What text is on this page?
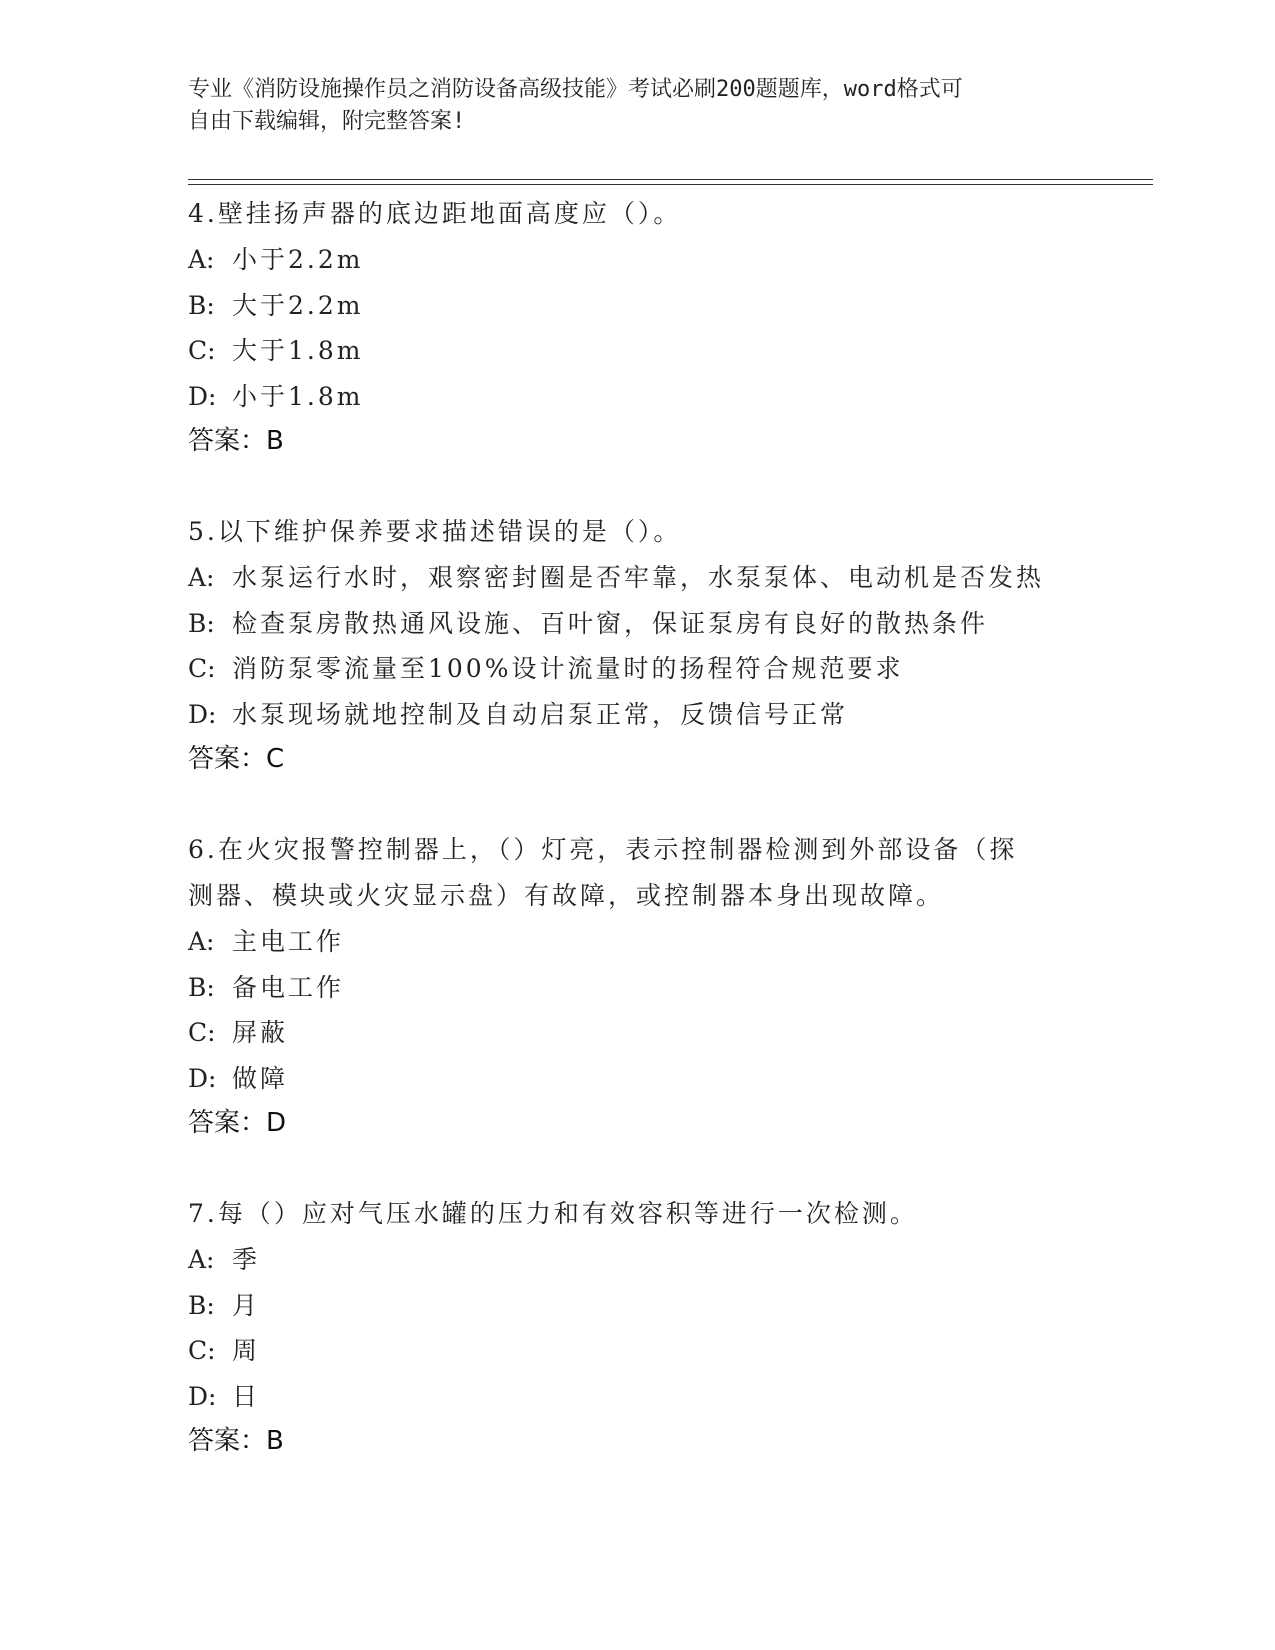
专业《消防设施操作员之消防设备高级技能》考试必刷200题题库，word格式可
自由下载编辑，附完整答案!
4.壁挂扬声器的底边距地面高度应（）。
A: 小于2.2m
B: 大于2.2m
C: 大于1.8m
D: 小于1.8m
答案：B
5.以下维护保养要求描述错误的是（）。
A: 水泵运行水时，艰察密封圈是否牢靠，水泵泵体、电动机是否发热
B: 检查泵房散热通风设施、百叶窗，保证泵房有良好的散热条件
C: 消防泵零流量至100%设计流量时的扬程符合规范要求
D: 水泵现场就地控制及自动启泵正常，反馈信号正常
答案：C
6.在火灾报警控制器上，（）灯亮，表示控制器检测到外部设备（探
测器、模块或火灾显示盘）有故障，或控制器本身出现故障。
A: 主电工作
B: 备电工作
C: 屏蔽
D: 做障
答案：D
7.每（）应对气压水罐的压力和有效容积等进行一次检测。
A: 季
B: 月
C: 周
D: 日
答案：B
